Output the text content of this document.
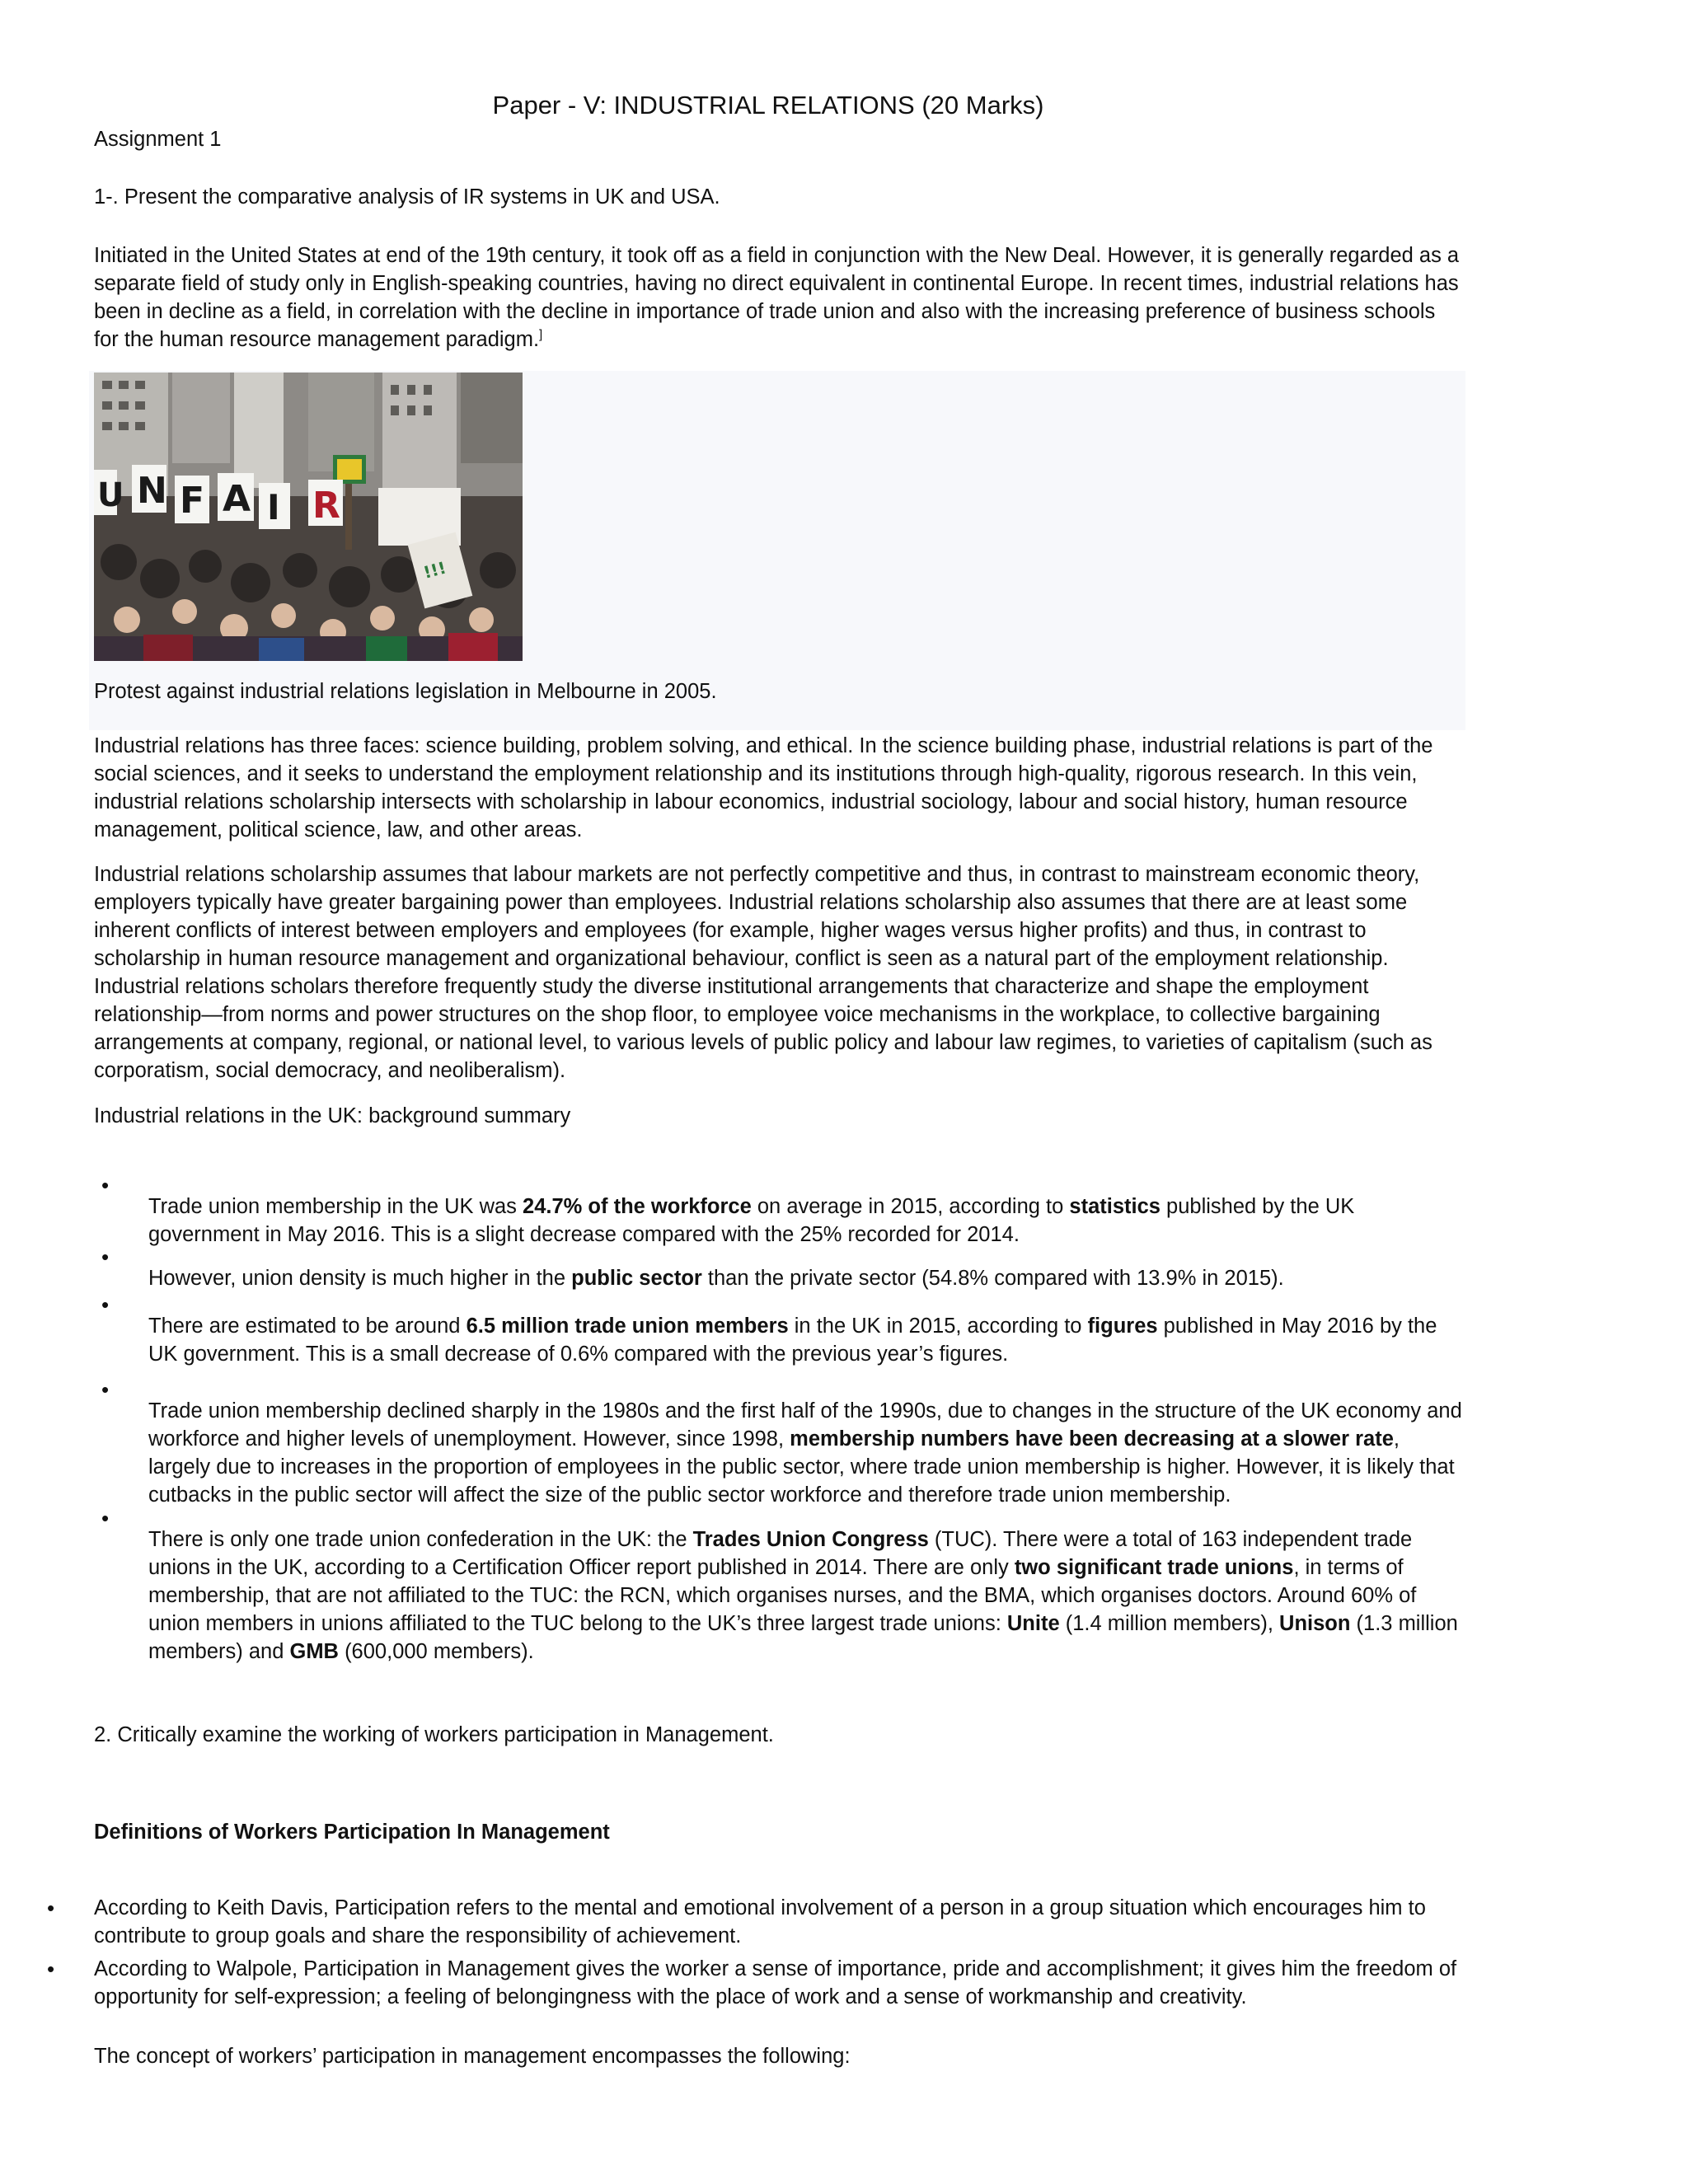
Paper - V: INDUSTRIAL RELATIONS (20 Marks)

Assignment 1

1-. Present the comparative analysis of IR systems in UK and USA.

Initiated in the United States at end of the 19th century, it took off as a field in conjunction with the New Deal. However, it is generally regarded as a separate field of study only in English-speaking countries, having no direct equivalent in continental Europe. In recent times, industrial relations has been in decline as a field, in correlation with the decline in importance of trade union and also with the increasing preference of business schools for the human resource management paradigm.]

!!!
U N F A I R

Protest against industrial relations legislation in Melbourne in 2005.

Industrial relations has three faces: science building, problem solving, and ethical. In the science building phase, industrial relations is part of the social sciences, and it seeks to understand the employment relationship and its institutions through high-quality, rigorous research. In this vein, industrial relations scholarship intersects with scholarship in labour economics, industrial sociology, labour and social history, human resource management, political science, law, and other areas.

Industrial relations scholarship assumes that labour markets are not perfectly competitive and thus, in contrast to mainstream economic theory, employers typically have greater bargaining power than employees. Industrial relations scholarship also assumes that there are at least some inherent conflicts of interest between employers and employees (for example, higher wages versus higher profits) and thus, in contrast to scholarship in human resource management and organizational behaviour, conflict is seen as a natural part of the employment relationship. Industrial relations scholars therefore frequently study the diverse institutional arrangements that characterize and shape the employment relationship—from norms and power structures on the shop floor, to employee voice mechanisms in the workplace, to collective bargaining arrangements at company, regional, or national level, to various levels of public policy and labour law regimes, to varieties of capitalism (such as corporatism, social democracy, and neoliberalism).

Industrial relations in the UK: background summary

•

Trade union membership in the UK was 24.7% of the workforce on average in 2015, according to statistics published by the UK government in May 2016. This is a slight decrease compared with the 25% recorded for 2014.

•

However, union density is much higher in the public sector than the private sector (54.8% compared with 13.9% in 2015).

•

There are estimated to be around 6.5 million trade union members in the UK in 2015, according to figures published in May 2016 by the UK government. This is a small decrease of 0.6% compared with the previous year’s figures.

•

Trade union membership declined sharply in the 1980s and the first half of the 1990s, due to changes in the structure of the UK economy and workforce and higher levels of unemployment. However, since 1998, membership numbers have been decreasing at a slower rate, largely due to increases in the proportion of employees in the public sector, where trade union membership is higher. However, it is likely that cutbacks in the public sector will affect the size of the public sector workforce and therefore trade union membership.

•

There is only one trade union confederation in the UK: the Trades Union Congress (TUC). There were a total of 163 independent trade unions in the UK, according to a Certification Officer report published in 2014. There are only two significant trade unions, in terms of membership, that are not affiliated to the TUC: the RCN, which organises nurses, and the BMA, which organises doctors. Around 60% of union members in unions affiliated to the TUC belong to the UK’s three largest trade unions: Unite (1.4 million members), Unison (1.3 million members) and GMB (600,000 members).

2. Critically examine the working of workers participation in Management.

Definitions of Workers Participation In Management

• According to Keith Davis, Participation refers to the mental and emotional involvement of a person in a group situation which encourages him to contribute to group goals and share the responsibility of achievement.

• According to Walpole, Participation in Management gives the worker a sense of importance, pride and accomplishment; it gives him the freedom of opportunity for self-expression; a feeling of belongingness with the place of work and a sense of workmanship and creativity.

The concept of workers’ participation in management encompasses the following:
